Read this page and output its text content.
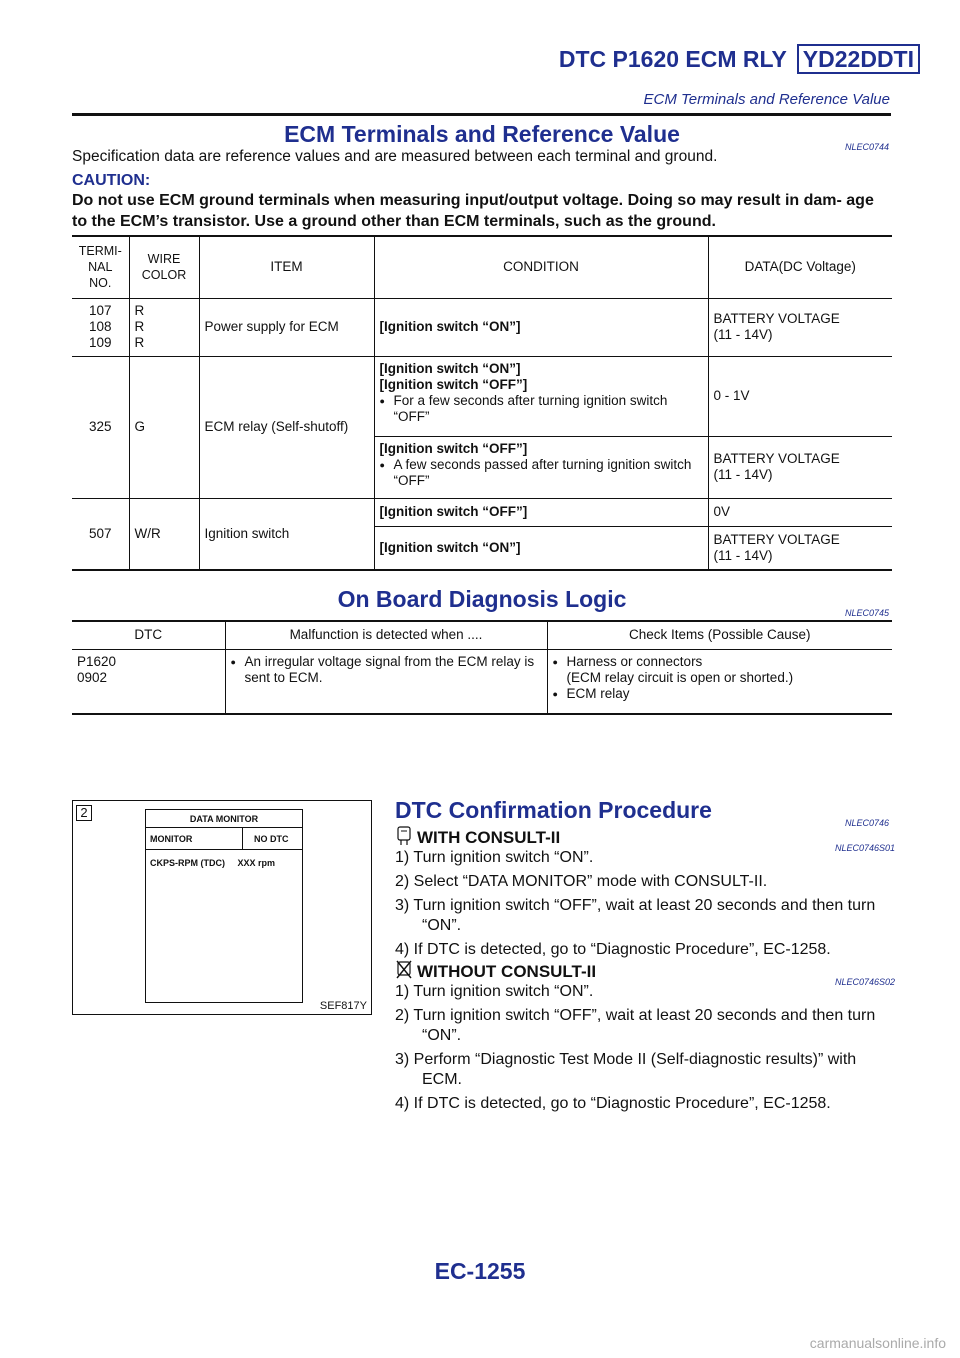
DTC P1620 ECM RLY YD22DDTI
ECM Terminals and Reference Value
ECM Terminals and Reference Value	NLEC0744
Specification data are reference values and are measured between each terminal and ground.
CAUTION:
Do not use ECM ground terminals when measuring input/output voltage. Doing so may result in dam- age to the ECM’s transistor. Use a ground other than ECM terminals, such as the ground.
TERMI- NAL NO.	WIRE COLOR	ITEM	CONDITION	DATA(DC Voltage)
107
108
109	R
R
R	Power supply for ECM	[Ignition switch “ON”]	BATTERY VOLTAGE
(11 - 14V)
325	G	ECM relay (Self-shutoff)	[Ignition switch “ON”]
[Ignition switch “OFF”]
● For a few seconds after turning ignition switch “OFF”	0 - 1V

			[Ignition switch “OFF”]
● A few seconds passed after turning ignition switch “OFF”	BATTERY VOLTAGE
(11 - 14V)
507	W/R	Ignition switch	[Ignition switch “OFF”]	0V
			[Ignition switch “ON”]	BATTERY VOLTAGE
(11 - 14V)
On Board Diagnosis Logic
NLEC0745
DTC	Malfunction is detected when ....	Check Items (Possible Cause)
P1620
0902	● An irregular voltage signal from the ECM relay is sent to ECM.	● Harness or connectors
(ECM relay circuit is open or shorted.)
● ECM relay
2	DATA MONITOR
MONITOR	NO DTC
CKPS-RPM (TDC)     XXX rpm
SEF817Y
DTC Confirmation Procedure	NLEC0746
WITH CONSULT-II
NLEC0746S01
1) Turn ignition switch “ON”.
2) Select “DATA MONITOR” mode with CONSULT-II.
3) Turn ignition switch “OFF”, wait at least 20 seconds and then turn “ON”.
4) If DTC is detected, go to “Diagnostic Procedure”, EC-1258.
WITHOUT CONSULT-II
NLEC0746S02
1) Turn ignition switch “ON”.
2) Turn ignition switch “OFF”, wait at least 20 seconds and then turn “ON”.
3) Perform “Diagnostic Test Mode II (Self-diagnostic results)” with ECM.
4) If DTC is detected, go to “Diagnostic Procedure”, EC-1258.
EC-1255
carmanualsonline.info
